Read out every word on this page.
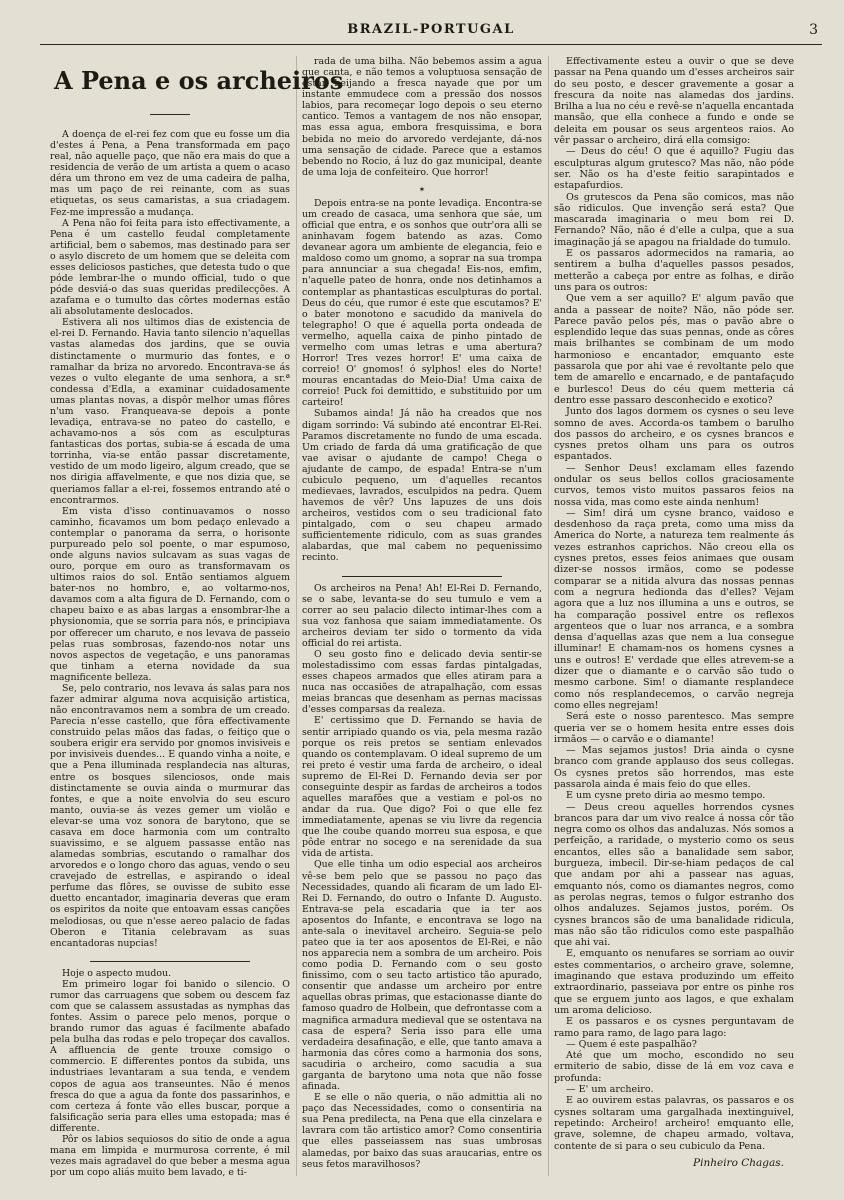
BRAZIL-PORTUGAL	3
A Pena e os archeiros

A doença de el-rei fez com que eu fosse um dia d'estes á Pena, a Pena transformada em paço real, não aquelle paço, que não era mais do que a residencia de verão de um artista a quem o acaso déra um throno em vez de uma cadeira de palha, mas um paço de rei reinante, com as suas etiquetas, os seus camaristas, a sua criadagem. Fez-me impressão a mudança.

A Pena não foi feita para isto effectivamente, a Pena é um castello feudal completamente artificial, bem o sabemos, mas destinado para ser o asylo discreto de um homem que se deleita com esses deliciosos pastiches, que detesta tudo o que póde lembrar-lhe o mundo official, tudo o que póde desviá-o das suas queridas predilecções. A azafama e o tumulto das côrtes modernas estão ali absolutamente deslocados.

Estivera ali nos ultimos dias de existencia de el-rei D. Fernando. Havia tanto silencio n'aquellas vastas alamedas dos jardins, que se ouvia distinctamente o murmurio das fontes, e o ramalhar da briza no arvoredo. Encontrava-se ás vezes o vulto elegante de uma senhora, a sr.ª condessa d'Edla, a examinar cuidadosamente umas plantas novas, a dispôr melhor umas flôres n'um vaso. Franqueava-se depois a ponte levadiça, entrava-se no pateo do castello, e achavamo-nos a sós com as esculpturas fantasticas dos portas, subia-se á escada de uma torrinha, via-se então passar discretamente, vestido de um modo ligeiro, algum creado, que se nos dirigia affavelmente, e que nos dizia que, se queriamos fallar a el-rei, fossemos entrando até o encontrarmos.

Em vista d'isso continuavamos o nosso caminho, ficavamos um bom pedaço enlevado a contemplar o panorama da serra, o horisonte purpureado pelo sol poente, o mar espumoso, onde alguns navios sulcavam as suas vagas de ouro, porque em ouro as transformavam os ultimos raios do sol. Então sentiamos alguem bater-nos no hombro, e, ao voltarmo-nos, davamos com a alta figura de D. Fernando, com o chapeu baixo e as abas largas a ensombrar-lhe a physionomia, que se sorria para nós, e principiava por offerecer um charuto, e nos levava de passeio pelas ruas sombrosas, fazendo-nos notar uns novos aspectos de vegetação, e uns panoramas que tinham a eterna novidade da sua magnificente belleza.

Se, pelo contrario, nos levava ás salas para nos fazer admirar alguma nova acquisição artistica, não encontravamos nem a sombra de um creado. Parecia n'esse castello, que fôra effectivamente construido pelas mãos das fadas, o feitiço que o soubera erigir era servido por gnomos invisiveis e por invisiveis duendes... E quando vinha a noite, e que a Pena illuminada resplandecia nas alturas, entre os bosques silenciosos, onde mais distinctamente se ouvia ainda o murmurar das fontes, e que a noite envolvia do seu escuro manto, ouvia-se ás vezes gemer um violão e elevar-se uma voz sonora de barytono, que se casava em doce harmonia com um contralto suavissimo, e se alguem passasse então nas alamedas sombrias, escutando o ramalhar dos arvoredos e o longo choro das aguas, vendo o seu cravejado de estrellas, e aspirando o ideal perfume das flôres, se ouvisse de subito esse duetto encantador, imaginaria deveras que eram os espiritos da noite que entoavam essas canções melodiosas, ou que n'esse aereo palacio de fadas Oberon e Titania celebravam as suas encantadoras nupcias!

Hoje o aspecto mudou.

Em primeiro logar foi banido o silencio. O rumor das carruagens que sobem ou descem faz com que se calassem assustadas as nymphas das fontes. Assim o parece pelo menos, porque o brando rumor das aguas é facilmente abafado pela bulha das rodas e pelo tropeçar dos cavallos. A affluencia de gente trouxe comsigo o commercio. E differentes pontos da subida, uns industriaes levantaram a sua tenda, e vendem copos de agua aos transeuntes. Não é menos fresca do que a agua da fonte dos passarinhos, e com certeza á fonte vão elles buscar, porque a falsificação seria para elles uma estopada; mas é differente.

Pôr os labios sequiosos do sitio de onde a agua mana em limpida e murmurosa corrente, é mil vezes mais agradavel do que beber a mesma agua por um copo aliás muito bem lavado, e ti-

rada de uma bilha. Não bebemos assim a agua que canta, e não temos a voluptuosa sensação de estar beijando a fresca nayade que por um instante emmudece com a pressão dos nossos labios, para recomeçar logo depois o seu eterno cantico. Temos a vantagem de nos não ensopar, mas essa agua, embora fresquissima, e bora bebida no meio do arvoredo verdejante, dá-nos uma sensação de cidade. Parece que a estamos bebendo no Rocio, á luz do gaz municipal, deante de uma loja de confeiteiro. Que horror!

✶

Depois entra-se na ponte levadiça. Encontra-se um creado de casaca, uma senhora que sáe, um official que entra, e os sonhos que outr'ora alli se aninhavam fogem batendo as azas. Como devanear agora um ambiente de elegancia, feio e maldoso como um gnomo, a soprar na sua trompa para annunciar a sua chegada! Eis-nos, emfim, n'aquelle pateo de honra, onde nos detinhamos a contemplar as phantasticas esculpturas do portal. Deus do céu, que rumor é este que escutamos? E' o bater monotono e sacudido da manivela do telegrapho! O que é aquella porta ondeada de vermelho, aquella caixa de pinho pintado de vermelho com umas letras e uma abertura? Horror! Tres vezes horror! E' uma caixa de correio! O' gnomos! ó sylphos! eles do Norte! mouras encantadas do Meio-Dia! Uma caixa de correio! Puck foi demittido, e substituido por um carteiro!

Subamos ainda! Já não ha creados que nos digam sorrindo: Vá subindo até encontrar El-Rei. Paramos discretamente no fundo de uma escada. Um criado de farda dá uma gratificação de que vae avisar o ajudante de campo! Chega o ajudante de campo, de espada! Entra-se n'um cubiculo pequeno, um d'aquelles recantos medievaes, lavrados, esculpidos na pedra. Quem havemos de vêr? Uns lapuzes de uns dois archeiros, vestidos com o seu tradicional fato pintalgado, com o seu chapeu armado sufficientemente ridiculo, com as suas grandes alabardas, que mal cabem no pequenissimo recinto.

Os archeiros na Pena! Ah! El-Rei D. Fernando, se o sabe, levanta-se do seu tumulo e vem a correr ao seu palacio dilecto intimar-lhes com a sua voz fanhosa que saiam immediatamente. Os archeiros deviam ter sido o tormento da vida official do rei artista.

O seu gosto fino e delicado devia sentir-se molestadissimo com essas fardas pintalgadas, esses chapeos armados que elles atiram para a nuca nas occasiões de atrapalhação, com essas meias brancas que desenham as pernas macissas d'esses comparsas da realeza.

E' certissimo que D. Fernando se havia de sentir arripiado quando os via, pela mesma razão porque os reis pretos se sentiam enlevados quando os contemplavam. O ideal supremo de um rei preto é vestir uma farda de archeiro, o ideal supremo de El-Rei D. Fernando devia ser por conseguinte despir as fardas de archeiros a todos aquelles marafões que a vestiam e pol-os no andar da rua. Que digo? Foi o que elle fez immediatamente, apenas se viu livre da regencia que lhe coube quando morreu sua esposa, e que pôde entrar no socego e na serenidade da sua vida de artista.

Que elle tinha um odio especial aos archeiros vê-se bem pelo que se passou no paço das Necessidades, quando ali ficaram de um lado El-Rei D. Fernando, do outro o Infante D. Augusto. Entrava-se pela escadaria que ia ter aos aposentos do Infante, e encontrava se logo na ante-sala o inevitavel archeiro. Seguia-se pelo pateo que ia ter aos aposentos de El-Rei, e não nos apparecia nem a sombra de um archeiro. Pois como podia D. Fernando com o seu gosto finissimo, com o seu tacto artistico tão apurado, consentir que andasse um archeiro por entre aquellas obras primas, que estacionasse diante do famoso quadro de Holbein, que defrontasse com a magnifica armadura medieval que se ostentava na casa de espera? Seria isso para elle uma verdadeira desafinação, e elle, que tanto amava a harmonia das côres como a harmonia dos sons, sacudiria o archeiro, como sacudia a sua garganta de barytono uma nota que não fosse afinada.

E se elle o não queria, o não admittia ali no paço das Necessidades, como o consentiria na sua Pena predilecta, na Pena que ella cinzelara e lavrara com tão artistico amor? Como consentiria que elles passeiassem nas suas umbrosas alamedas, por baixo das suas araucarias, entre os seus fetos maravilhosos?

Effectivamente esteu a ouvir o que se deve passar na Pena quando um d'esses archeiros sair do seu posto, e descer gravemente a gosar a frescura da noite nas alamedas dos jardins. Brilha a lua no céu e revê-se n'aquella encantada mansão, que ella conhece a fundo e onde se deleita em pousar os seus argenteos raios. Ao vêr passar o archeiro, dirá ella comsigo:

— Deus do céu! O que é aquillo? Fugiu das esculpturas algum grutesco? Mas não, não póde ser. Não os ha d'este feitio sarapintados e estapafurdios.

Os grutescos da Pena são comicos, mas não são ridiculos. Que invenção será esta? Que mascarada imaginaria o meu bom rei D. Fernando? Não, não é d'elle a culpa, que a sua imaginação já se apagou na frialdade do tumulo.

E os passaros adormecidos na ramaria, ao sentirem a bulha d'aquelles passos pesados, metterão a cabeça por entre as folhas, e dirão uns para os outros:

Que vem a ser aquillo? E' algum pavão que anda a passear de noite? Não, não póde ser. Parece pavão pelos pés, mas o pavão abre o esplendido leque das suas pennas, onde as côres mais brilhantes se combinam de um modo harmonioso e encantador, emquanto este passarola que por ahi vae é revoltante pelo que tem de amarello e encarnado, e de pantafaçudo e burlesco! Deus do céu quem metteria cá dentro esse passaro desconhecido e exotico?

Junto dos lagos dormem os cysnes o seu leve somno de aves. Accorda-os tambem o barulho dos passos do archeiro, e os cysnes brancos e cysnes pretos olham uns para os outros espantados.

— Senhor Deus! exclamam elles fazendo ondular os seus bellos collos graciosamente curvos, temos visto muitos passaros feios na nossa vida, mas como este ainda nenhum!

— Sim! dirá um cysne branco, vaidoso e desdenhoso da raça preta, como uma miss da America do Norte, a natureza tem realmente ás vezes estranhos caprichos. Não creou ella os cysnes pretos, esses feios animaes que ousam dizer-se nossos irmãos, como se podesse comparar se a nitida alvura das nossas pennas com a negrura hedionda das d'elles? Vejam agora que a luz nos illumina a uns e outros, se ha comparação possivel entre os reflexos argenteos que o luar nos arranca, e a sombra densa d'aquellas azas que nem a lua consegue illuminar! E chamam-nos os homens cysnes a uns e outros! E' verdade que elles atrevem-se a dizer que o diamante e o carvão são tudo o mesmo carbone. Sim! o diamante resplandece como nós resplandecemos, o carvão negreja como elles negrejam!

Será este o nosso parentesco. Mas sempre queria ver se o homem hesita entre esses dois irmãos — o carvão e o diamante!

— Mas sejamos justos! Dria ainda o cysne branco com grande applauso dos seus collegas. Os cysnes pretos são horrendos, mas este passarola ainda é mais feio do que elles.

E um cysne preto diria ao mesmo tempo.

— Deus creou aquelles horrendos cysnes brancos para dar um vivo realce á nossa côr tão negra como os olhos das andaluzas. Nós somos a perfeição, a raridade, o mysterio como os seus encantos, elles são a banalidade sem sabor, burgueza, imbecil. Dir-se-hiam pedaços de cal que andam por ahi a passear nas aguas, emquanto nós, como os diamantes negros, como as perolas negras, temos o fulgor estranho dos olhos andaluzes. Sejamos justos, porém. Os cysnes brancos são de uma banalidade ridicula, mas não são tão ridiculos como este paspalhão que ahi vai.

E, emquanto os nenufares se sorriam ao ouvir estes commentarios, o archeiro grave, solemne, imaginando que estava produzindo um effeito extraordinario, passeiava por entre os pinhe ros que se erguem junto aos lagos, e que exhalam um aroma delicioso.

E os passaros e os cysnes perguntavam de ramo para ramo, de lago para lago:

— Quem é este paspalhão?

Até que um mocho, escondido no seu ermiterio de sabio, disse de lá em voz cava e profunda:

— E' um archeiro.

E ao ouvirem estas palavras, os passaros e os cysnes soltaram uma gargalhada inextinguivel, repetindo: Archeiro! archeiro! emquanto elle, grave, solemne, de chapeu armado, voltava, contente de si para o seu cubiculo da Pena.

Pinheiro Chagas.
